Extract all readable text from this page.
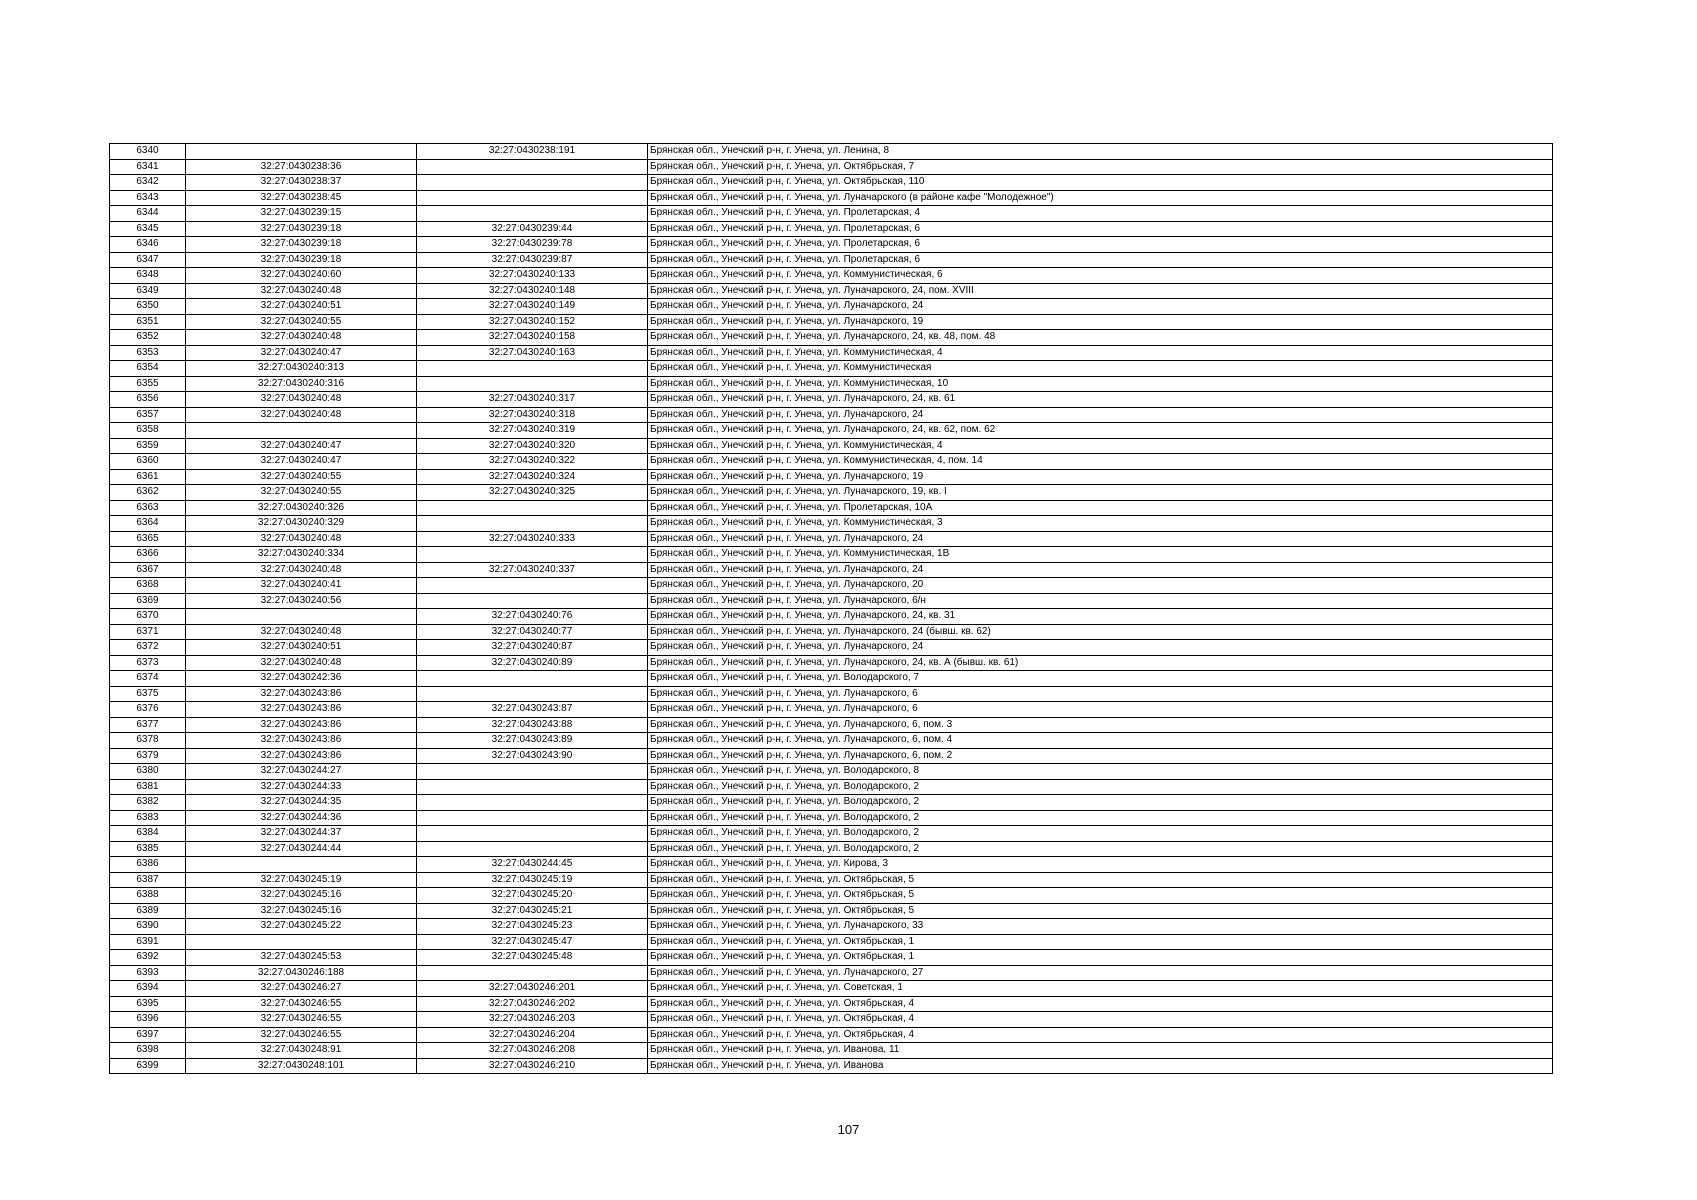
6340		32:27:0430238:191	Брянская обл., Унечский р-н, г. Унеча, ул. Ленина, 8
6341	32:27:0430238:36		Брянская обл., Унечский р-н, г. Унеча, ул. Октябрьская, 7
6342	32:27:0430238:37		Брянская обл., Унечский р-н, г. Унеча, ул. Октябрьская, 110
6343	32:27:0430238:45		Брянская обл., Унечский р-н, г. Унеча, ул. Луначарского (в районе кафе "Молодежное")
6344	32:27:0430239:15		Брянская обл., Унечский р-н, г. Унеча, ул. Пролетарская, 4
6345	32:27:0430239:18	32:27:0430239:44	Брянская обл., Унечский р-н, г. Унеча, ул. Пролетарская, 6
6346	32:27:0430239:18	32:27:0430239:78	Брянская обл., Унечский р-н, г. Унеча, ул. Пролетарская, 6
6347	32:27:0430239:18	32:27:0430239:87	Брянская обл., Унечский р-н, г. Унеча, ул. Пролетарская, 6
6348	32:27:0430240:60	32:27:0430240:133	Брянская обл., Унечский р-н, г. Унеча, ул. Коммунистическая, 6
6349	32:27:0430240:48	32:27:0430240:148	Брянская обл., Унечский р-н, г. Унеча, ул. Луначарского, 24, пом. XVIII
6350	32:27:0430240:51	32:27:0430240:149	Брянская обл., Унечский р-н, г. Унеча, ул. Луначарского, 24
6351	32:27:0430240:55	32:27:0430240:152	Брянская обл., Унечский р-н, г. Унеча, ул. Луначарского, 19
6352	32:27:0430240:48	32:27:0430240:158	Брянская обл., Унечский р-н, г. Унеча, ул. Луначарского, 24, кв. 48, пом. 48
6353	32:27:0430240:47	32:27:0430240:163	Брянская обл., Унечский р-н, г. Унеча, ул. Коммунистическая, 4
6354	32:27:0430240:313		Брянская обл., Унечский р-н, г. Унеча, ул. Коммунистическая
6355	32:27:0430240:316		Брянская обл., Унечский р-н, г. Унеча, ул. Коммунистическая, 10
6356	32:27:0430240:48	32:27:0430240:317	Брянская обл., Унечский р-н, г. Унеча, ул. Луначарского, 24, кв. 61
6357	32:27:0430240:48	32:27:0430240:318	Брянская обл., Унечский р-н, г. Унеча, ул. Луначарского, 24
6358		32:27:0430240:319	Брянская обл., Унечский р-н, г. Унеча, ул. Луначарского, 24, кв. 62, пом. 62
6359	32:27:0430240:47	32:27:0430240:320	Брянская обл., Унечский р-н, г. Унеча, ул. Коммунистическая, 4
6360	32:27:0430240:47	32:27:0430240:322	Брянская обл., Унечский р-н, г. Унеча, ул. Коммунистическая, 4, пом. 14
6361	32:27:0430240:55	32:27:0430240:324	Брянская обл., Унечский р-н, г. Унеча, ул. Луначарского, 19
6362	32:27:0430240:55	32:27:0430240:325	Брянская обл., Унечский р-н, г. Унеча, ул. Луначарского, 19, кв. I
6363	32:27:0430240:326		Брянская обл., Унечский р-н, г. Унеча, ул. Пролетарская, 10А
6364	32:27:0430240:329		Брянская обл., Унечский р-н, г. Унеча, ул. Коммунистическая, 3
6365	32:27:0430240:48	32:27:0430240:333	Брянская обл., Унечский р-н, г. Унеча, ул. Луначарского, 24
6366	32:27:0430240:334		Брянская обл., Унечский р-н, г. Унеча, ул. Коммунистическая, 1В
6367	32:27:0430240:48	32:27:0430240:337	Брянская обл., Унечский р-н, г. Унеча, ул. Луначарского, 24
6368	32:27:0430240:41		Брянская обл., Унечский р-н, г. Унеча, ул. Луначарского, 20
6369	32:27:0430240:56		Брянская обл., Унечский р-н, г. Унеча, ул. Луначарского, 6/н
6370		32:27:0430240:76	Брянская обл., Унечский р-н, г. Унеча, ул. Луначарского, 24, кв. 31
6371	32:27:0430240:48	32:27:0430240:77	Брянская обл., Унечский р-н, г. Унеча, ул. Луначарского, 24 (бывш. кв. 62)
6372	32:27:0430240:51	32:27:0430240:87	Брянская обл., Унечский р-н, г. Унеча, ул. Луначарского, 24
6373	32:27:0430240:48	32:27:0430240:89	Брянская обл., Унечский р-н, г. Унеча, ул. Луначарского, 24, кв. А (бывш. кв. 61)
6374	32:27:0430242:36		Брянская обл., Унечский р-н, г. Унеча, ул. Володарского, 7
6375	32:27:0430243:86		Брянская обл., Унечский р-н, г. Унеча, ул. Луначарского, 6
6376	32:27:0430243:86	32:27:0430243:87	Брянская обл., Унечский р-н, г. Унеча, ул. Луначарского, 6
6377	32:27:0430243:86	32:27:0430243:88	Брянская обл., Унечский р-н, г. Унеча, ул. Луначарского, 6, пом. 3
6378	32:27:0430243:86	32:27:0430243:89	Брянская обл., Унечский р-н, г. Унеча, ул. Луначарского, 6, пом. 4
6379	32:27:0430243:86	32:27:0430243:90	Брянская обл., Унечский р-н, г. Унеча, ул. Луначарского, 6, пом. 2
6380	32:27:0430244:27		Брянская обл., Унечский р-н, г. Унеча, ул. Володарского, 8
6381	32:27:0430244:33		Брянская обл., Унечский р-н, г. Унеча, ул. Володарского, 2
6382	32:27:0430244:35		Брянская обл., Унечский р-н, г. Унеча, ул. Володарского, 2
6383	32:27:0430244:36		Брянская обл., Унечский р-н, г. Унеча, ул. Володарского, 2
6384	32:27:0430244:37		Брянская обл., Унечский р-н, г. Унеча, ул. Володарского, 2
6385	32:27:0430244:44		Брянская обл., Унечский р-н, г. Унеча, ул. Володарского, 2
6386		32:27:0430244:45	Брянская обл., Унечский р-н, г. Унеча, ул. Кирова, 3
6387	32:27:0430245:19	32:27:0430245:19	Брянская обл., Унечский р-н, г. Унеча, ул. Октябрьская, 5
6388	32:27:0430245:16	32:27:0430245:20	Брянская обл., Унечский р-н, г. Унеча, ул. Октябрьская, 5
6389	32:27:0430245:16	32:27:0430245:21	Брянская обл., Унечский р-н, г. Унеча, ул. Октябрьская, 5
6390	32:27:0430245:22	32:27:0430245:23	Брянская обл., Унечский р-н, г. Унеча, ул. Луначарского, 33
6391		32:27:0430245:47	Брянская обл., Унечский р-н, г. Унеча, ул. Октябрьская, 1
6392	32:27:0430245:53	32:27:0430245:48	Брянская обл., Унечский р-н, г. Унеча, ул. Октябрьская, 1
6393	32:27:0430246:188		Брянская обл., Унечский р-н, г. Унеча, ул. Луначарского, 27
6394	32:27:0430246:27	32:27:0430246:201	Брянская обл., Унечский р-н, г. Унеча, ул. Советская, 1
6395	32:27:0430246:55	32:27:0430246:202	Брянская обл., Унечский р-н, г. Унеча, ул. Октябрьская, 4
6396	32:27:0430246:55	32:27:0430246:203	Брянская обл., Унечский р-н, г. Унеча, ул. Октябрьская, 4
6397	32:27:0430246:55	32:27:0430246:204	Брянская обл., Унечский р-н, г. Унеча, ул. Октябрьская, 4
6398	32:27:0430248:91	32:27:0430246:208	Брянская обл., Унечский р-н, г. Унеча, ул. Иванова, 11
6399	32:27:0430248:101	32:27:0430246:210	Брянская обл., Унечский р-н, г. Унеча, ул. Иванова
107
